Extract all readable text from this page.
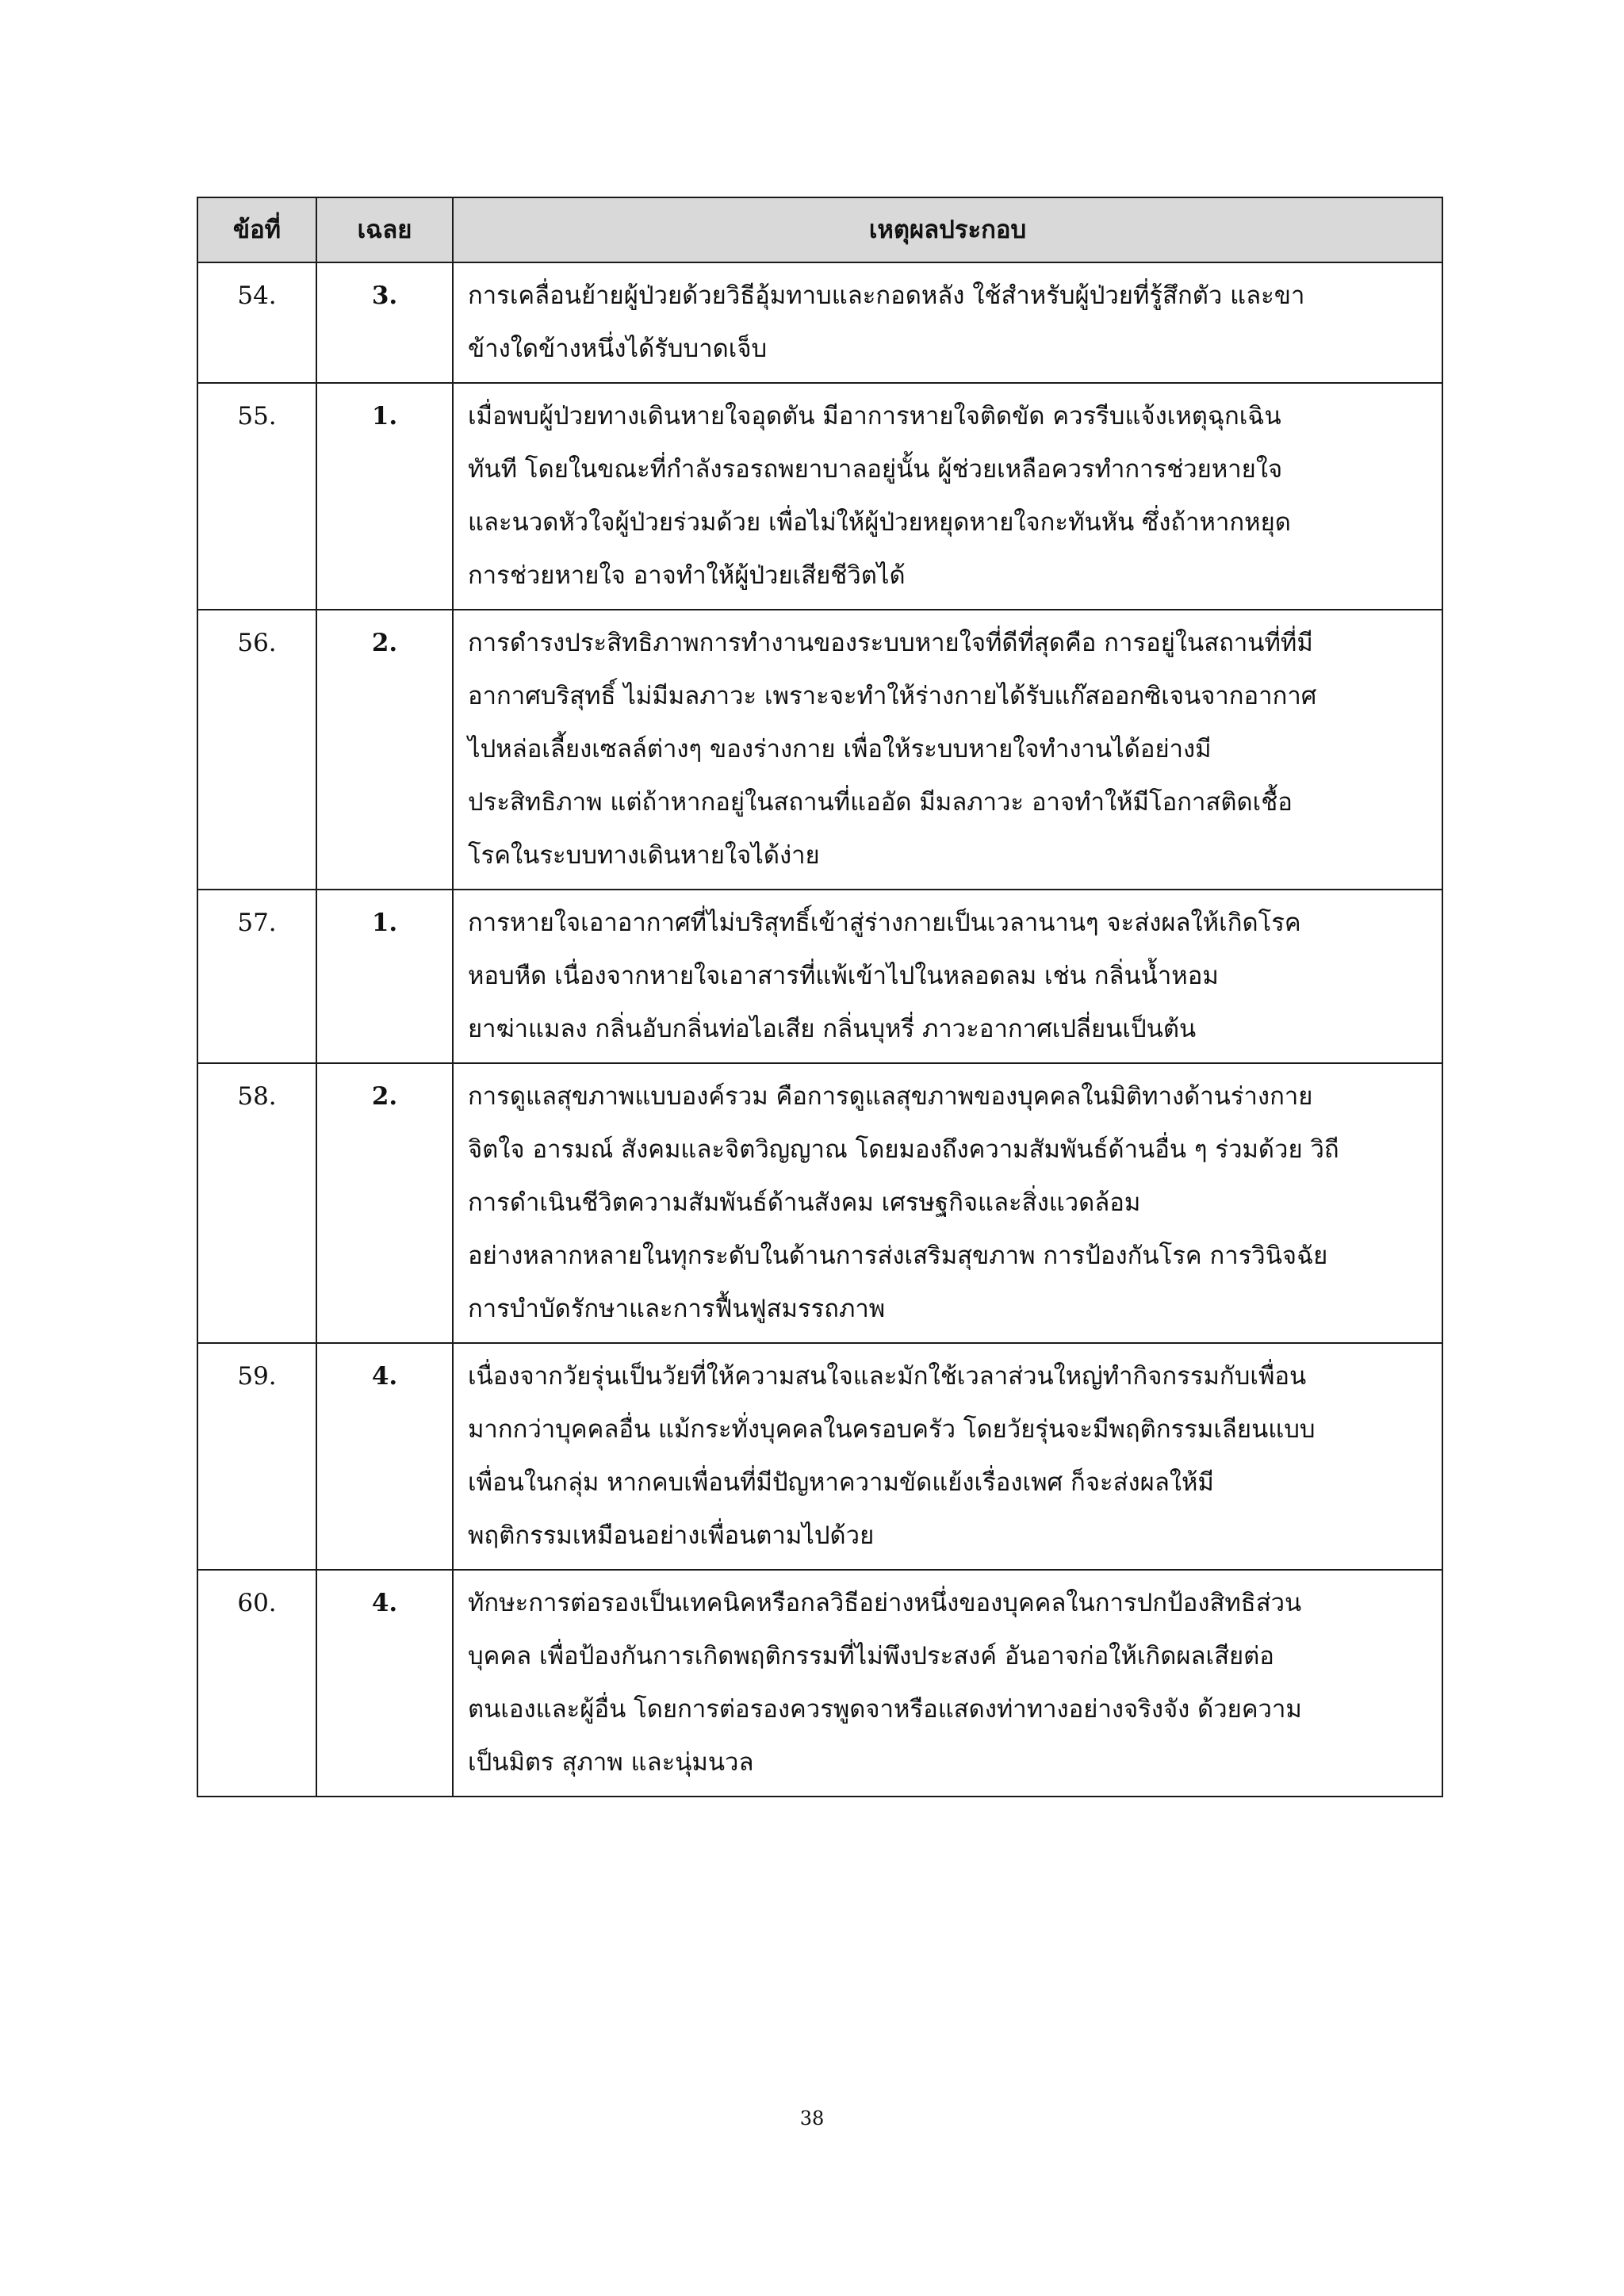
ข้อที่	เฉลย	เหตุผลประกอบ
54.	3.	การเคลื่อนย้ายผู้ป่วยด้วยวิธีอุ้มทาบและกอดหลัง ใช้สำหรับผู้ป่วยที่รู้สึกตัว และขา
ข้างใดข้างหนึ่งได้รับบาดเจ็บ

55.	1.	เมื่อพบผู้ป่วยทางเดินหายใจอุดตัน มีอาการหายใจติดขัด ควรรีบแจ้งเหตุฉุกเฉิน
ทันที โดยในขณะที่กำลังรอรถพยาบาลอยู่นั้น ผู้ช่วยเหลือควรทำการช่วยหายใจ
และนวดหัวใจผู้ป่วยร่วมด้วย เพื่อไม่ให้ผู้ป่วยหยุดหายใจกะทันหัน ซึ่งถ้าหากหยุด
การช่วยหายใจ อาจทำให้ผู้ป่วยเสียชีวิตได้

56.	2.	การดำรงประสิทธิภาพการทำงานของระบบหายใจที่ดีที่สุดคือ การอยู่ในสถานที่ที่มี
อากาศบริสุทธิ์ ไม่มีมลภาวะ เพราะจะทำให้ร่างกายได้รับแก๊สออกซิเจนจากอากาศ
ไปหล่อเลี้ยงเซลล์ต่างๆ ของร่างกาย เพื่อให้ระบบหายใจทำงานได้อย่างมี
ประสิทธิภาพ แต่ถ้าหากอยู่ในสถานที่แออัด มีมลภาวะ อาจทำให้มีโอกาสติดเชื้อ
โรคในระบบทางเดินหายใจได้ง่าย

57.	1.	การหายใจเอาอากาศที่ไม่บริสุทธิ์เข้าสู่ร่างกายเป็นเวลานานๆ จะส่งผลให้เกิดโรค
หอบหืด เนื่องจากหายใจเอาสารที่แพ้เข้าไปในหลอดลม เช่น กลิ่นน้ำหอม
ยาฆ่าแมลง กลิ่นอับกลิ่นท่อไอเสีย กลิ่นบุหรี่ ภาวะอากาศเปลี่ยนเป็นต้น

58.	2.	การดูแลสุขภาพแบบองค์รวม คือการดูแลสุขภาพของบุคคลในมิติทางด้านร่างกาย
จิตใจ อารมณ์ สังคมและจิตวิญญาณ โดยมองถึงความสัมพันธ์ด้านอื่น ๆ ร่วมด้วย วิถี
การดำเนินชีวิตความสัมพันธ์ด้านสังคม เศรษฐกิจและสิ่งแวดล้อม
อย่างหลากหลายในทุกระดับในด้านการส่งเสริมสุขภาพ การป้องกันโรค การวินิจฉัย
การบำบัดรักษาและการฟื้นฟูสมรรถภาพ

59.	4.	เนื่องจากวัยรุ่นเป็นวัยที่ให้ความสนใจและมักใช้เวลาส่วนใหญ่ทำกิจกรรมกับเพื่อน
มากกว่าบุคคลอื่น แม้กระทั่งบุคคลในครอบครัว โดยวัยรุ่นจะมีพฤติกรรมเลียนแบบ
เพื่อนในกลุ่ม หากคบเพื่อนที่มีปัญหาความขัดแย้งเรื่องเพศ ก็จะส่งผลให้มี
พฤติกรรมเหมือนอย่างเพื่อนตามไปด้วย

60.	4.	ทักษะการต่อรองเป็นเทคนิคหรือกลวิธีอย่างหนึ่งของบุคคลในการปกป้องสิทธิส่วน
บุคคล เพื่อป้องกันการเกิดพฤติกรรมที่ไม่พึงประสงค์ อันอาจก่อให้เกิดผลเสียต่อ
ตนเองและผู้อื่น โดยการต่อรองควรพูดจาหรือแสดงท่าทางอย่างจริงจัง ด้วยความ
เป็นมิตร สุภาพ และนุ่มนวล
38
